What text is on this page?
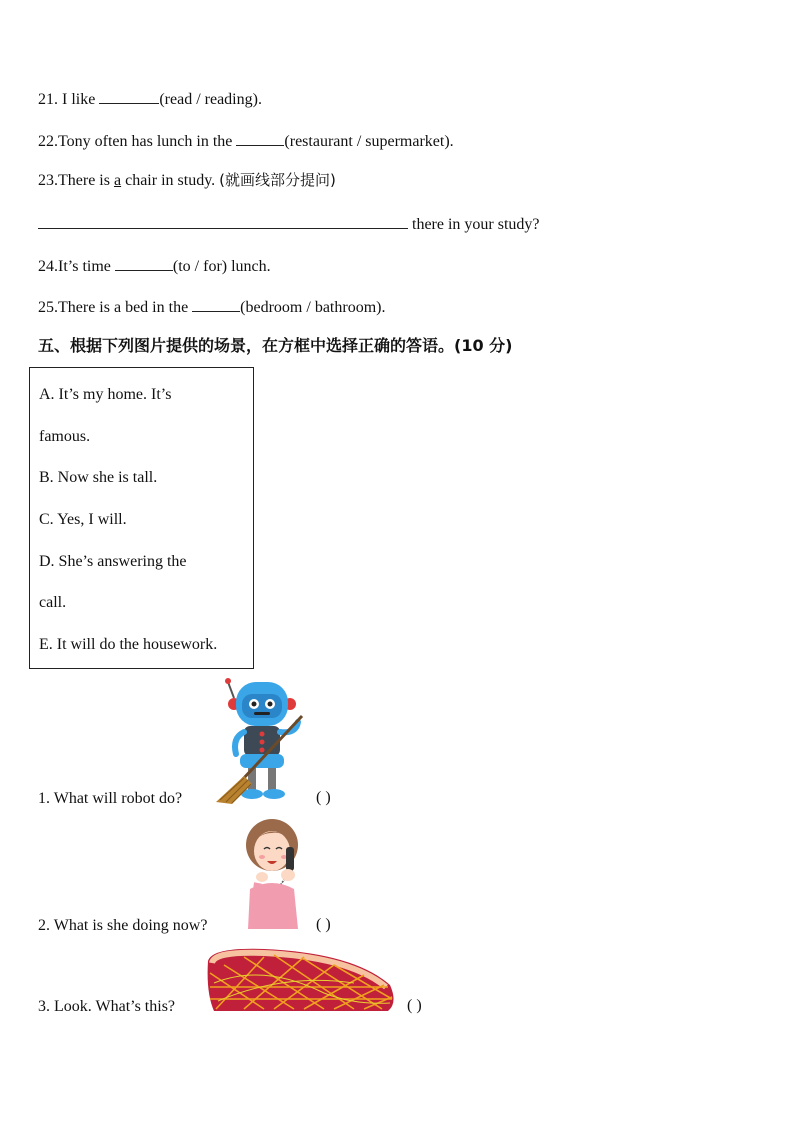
21. I like	(read / reading).
22.Tony often has lunch in the	(restaurant / supermarket).
23.There is a chair in study. (就画线部分提问)
there in your study?
24.It’s time	(to / for) lunch.
25.There is a bed in the	(bedroom / bathroom).
五、根据下列图片提供的场景，在方框中选择正确的答语。(10 分)
A. It’s my home. It’s
famous.
B. Now she is tall.
C. Yes, I will.
D. She’s answering the
call.
E. It will do the housework.
1. What will robot do?	( )
2. What is she doing now?	( )
3. Look. What’s this?	( )
